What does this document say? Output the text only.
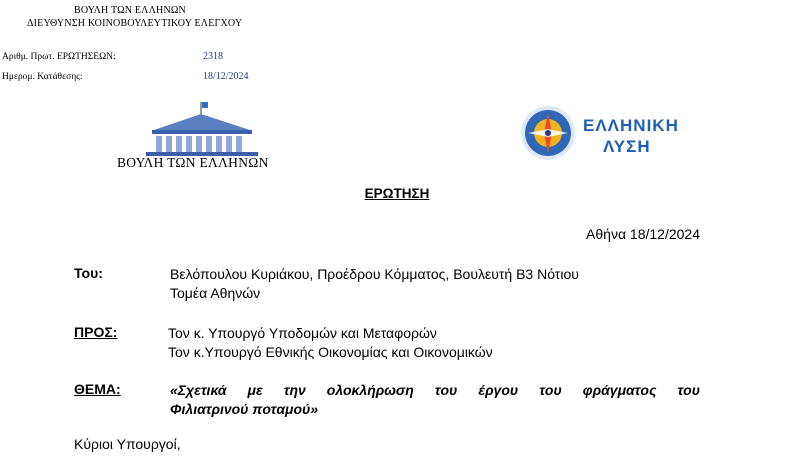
ΒΟΥΛΗ ΤΩΝ ΕΛΛΗΝΩΝ
ΔΙΕΥΘΥΝΣΗ ΚΟΙΝΟΒΟΥΛΕΥΤΙΚΟΥ ΕΛΕΓΧΟΥ
Αριθμ. Πρωτ. ΕΡΩΤΗΣΕΩΝ:	2318
Ημερομ. Κατάθεσης:	18/12/2024
ΒΟΥΛΗ ΤΩΝ ΕΛΛΗΝΩΝ
ΕΛΛΗΝΙΚΗ
ΛΥΣΗ
ΕΡΩΤΗΣΗ
Αθήνα 18/12/2024
Του:	Βελόπουλου Κυριάκου, Προέδρου Κόμματος, Βουλευτή Β3 Νότιου
Τομέα Αθηνών
ΠΡΟΣ:	Τον κ. Υπουργό Υποδομών και Μεταφορών
Τον κ.Υπουργό Εθνικής Οικονομίας και Οικονομικών
ΘΕΜΑ:	«Σχετικά με την ολοκλήρωση του έργου του φράγματος του
Φιλιατρινού ποταμού»
Κύριοι Υπουργοί,
